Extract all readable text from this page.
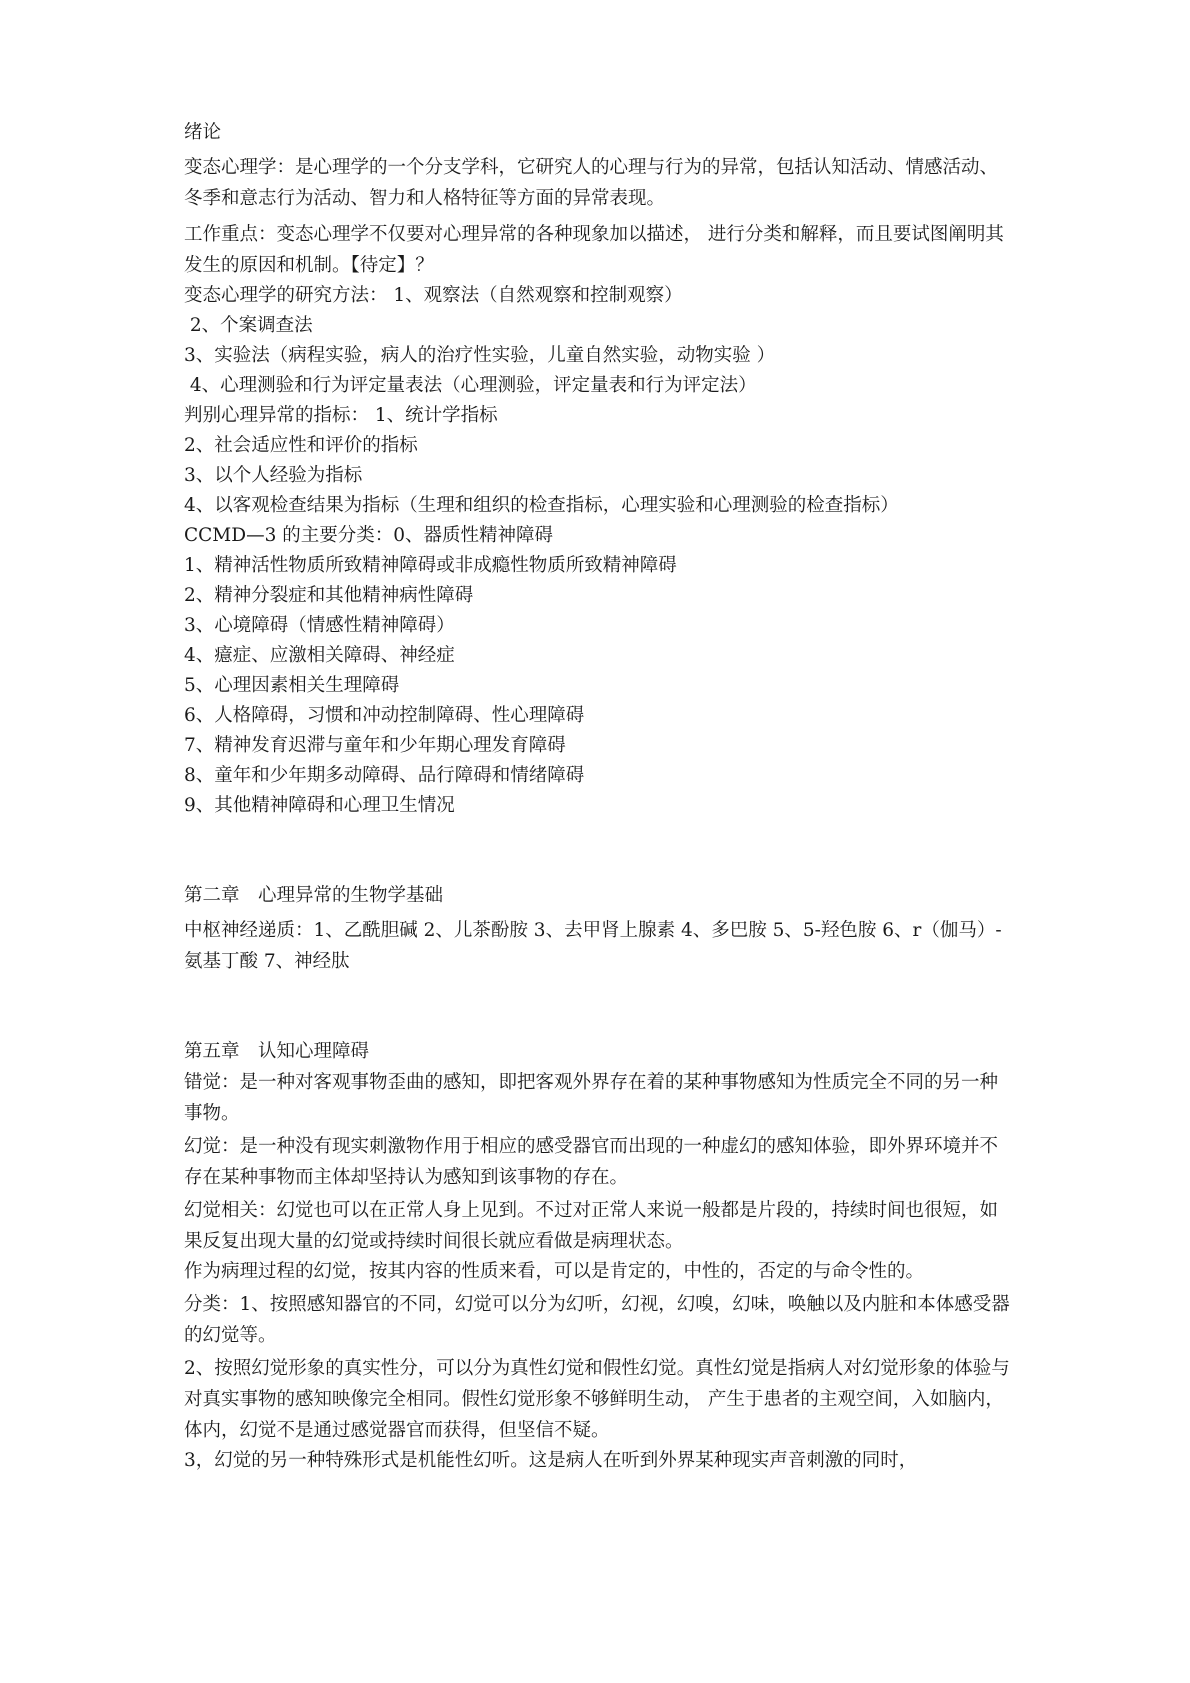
绪论

变态心理学：是心理学的一个分支学科，它研究人的心理与行为的异常，包括认知活动、情感活动、冬季和意志行为活动、智力和人格特征等方面的异常表现。

工作重点：变态心理学不仅要对心理异常的各种现象加以描述， 进行分类和解释，而且要试图阐明其发生的原因和机制。【待定】？

变态心理学的研究方法： 1、观察法（自然观察和控制观察）

2、个案调查法

3、实验法（病程实验，病人的治疗性实验，儿童自然实验，动物实验 ）

4、心理测验和行为评定量表法（心理测验，评定量表和行为评定法）

判别心理异常的指标： 1、统计学指标

2、社会适应性和评价的指标

3、以个人经验为指标

4、以客观检查结果为指标（生理和组织的检查指标，心理实验和心理测验的检查指标）

CCMD—3 的主要分类：0、器质性精神障碍

1、精神活性物质所致精神障碍或非成瘾性物质所致精神障碍

2、精神分裂症和其他精神病性障碍

3、心境障碍（情感性精神障碍）

4、癔症、应激相关障碍、神经症

5、心理因素相关生理障碍

6、人格障碍，习惯和冲动控制障碍、性心理障碍

7、精神发育迟滞与童年和少年期心理发育障碍

8、童年和少年期多动障碍、品行障碍和情绪障碍

9、其他精神障碍和心理卫生情况

第二章　心理异常的生物学基础

中枢神经递质：1、乙酰胆碱 2、儿茶酚胺 3、去甲肾上腺素 4、多巴胺 5、5-羟色胺 6、r（伽马）-氨基丁酸 7、神经肽

第五章　认知心理障碍

错觉：是一种对客观事物歪曲的感知，即把客观外界存在着的某种事物感知为性质完全不同的另一种事物。

幻觉：是一种没有现实刺激物作用于相应的感受器官而出现的一种虚幻的感知体验，即外界环境并不存在某种事物而主体却坚持认为感知到该事物的存在。

幻觉相关：幻觉也可以在正常人身上见到。不过对正常人来说一般都是片段的，持续时间也很短，如果反复出现大量的幻觉或持续时间很长就应看做是病理状态。

作为病理过程的幻觉，按其内容的性质来看，可以是肯定的，中性的，否定的与命令性的。

分类：1、按照感知器官的不同，幻觉可以分为幻听，幻视，幻嗅，幻味，唤触以及内脏和本体感受器的幻觉等。

2、按照幻觉形象的真实性分，可以分为真性幻觉和假性幻觉。真性幻觉是指病人对幻觉形象的体验与对真实事物的感知映像完全相同。假性幻觉形象不够鲜明生动， 产生于患者的主观空间，入如脑内，体内，幻觉不是通过感觉器官而获得，但坚信不疑。

3，幻觉的另一种特殊形式是机能性幻听。这是病人在听到外界某种现实声音刺激的同时，
